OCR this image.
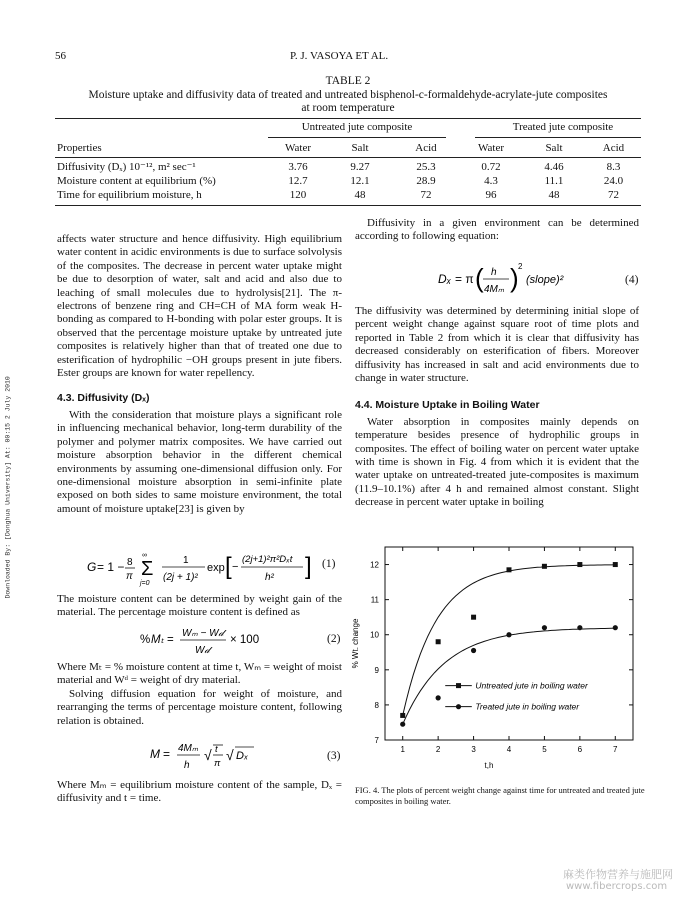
56	P. J. VASOYA ET AL.
TABLE 2
Moisture uptake and diffusivity data of treated and untreated bisphenol-c-formaldehyde-acrylate-jute composites
at room temperature
Untreated jute composite	Treated jute composite
Properties	Water	Salt	Acid	Water	Salt	Acid

Diffusivity (Dₓ) 10⁻¹², m² sec⁻¹	3.76	9.27	25.3	0.72	4.46	8.3
Moisture content at equilibrium (%)	12.7	12.1	28.9	4.3	11.1	24.0
Time for equilibrium moisture, h	120	48	72	96	48	72

affects water structure and hence diffusivity. High equilibrium water content in acidic environments is due to surface solvolysis of the composites. The decrease in percent water uptake might be due to desorption of water, salt and acid and also due to leaching of small molecules due to hydrolysis[21]. The π-electrons of benzene ring and CH=CH of MA form weak H-bonding as compared to H-bonding with polar ester groups. It is observed that the percentage moisture uptake by untreated jute composites is relatively higher than that of treated one due to esterification of hydrophilic −OH groups present in jute fibers. Ester groups are known for water repellency.

4.3. Diffusivity (Dₓ)

With the consideration that moisture plays a significant role in influencing mechanical behavior, long-term durability of the polymer and polymer matrix composites. We have carried out moisture absorption behavior in the different chemical environments by assuming one-dimensional diffusion only. For one-dimensional moisture absorption in semi-infinite plate exposed on both sides to same moisture environment, the total amount of moisture uptake[23] is given by

G = 1 − 8
π Σ
∞
j=0
1
(2j + 1)²
exp [ −
(2j+1)²π²Dₓt
h² ] (1)

The moisture content can be determined by weight gain of the material. The percentage moisture content is defined as

% Mₜ =
Wₘ − W𝒹
W𝒹
× 100	(2)

Where Mₜ = % moisture content at time t, Wₘ = weight of moist material and Wᵈ = weight of dry material.

Solving diffusion equation for weight of moisture, and rearranging the terms of percentage moisture content, following relation is obtained.

M = 4Mₘ
h
√ t
π
√ Dₓ	(3)

Where Mₘ = equilibrium moisture content of the sample, Dₓ = diffusivity and t = time.

Diffusivity in a given environment can be determined according to following equation:

Dₓ = π ( h
4Mₘ ) 2
(slope)²	(4)

The diffusivity was determined by determining initial slope of percent weight change against square root of time plots and reported in Table 2 from which it is clear that diffusivity has decreased considerably on esterification of fibers. Moreover diffusivity has increased in salt and acid environments due to change in water structure.

4.4. Moisture Uptake in Boiling Water

Water absorption in composites mainly depends on temperature besides presence of hydrophilic groups in composites. The effect of boiling water on percent water uptake with time is shown in Fig. 4 from which it is evident that the water uptake on untreated-treated jute-composites is maximum (11.9–10.1%) after 4 h and remained almost constant. Slight decrease in percent water uptake in boiling

1	2	3	4	5	6	7
7
8
9
10
11
12
t,h
% Wt. change
Untreated jute in boiling water
Treated jute in boiling water
FIG. 4. The plots of percent weight change against time for untreated and treated jute composites in boiling water.
Downloaded By: [Donghua University] At: 00:15 2 July 2010
麻类作物营养与施肥网
www.fibercrops.com
